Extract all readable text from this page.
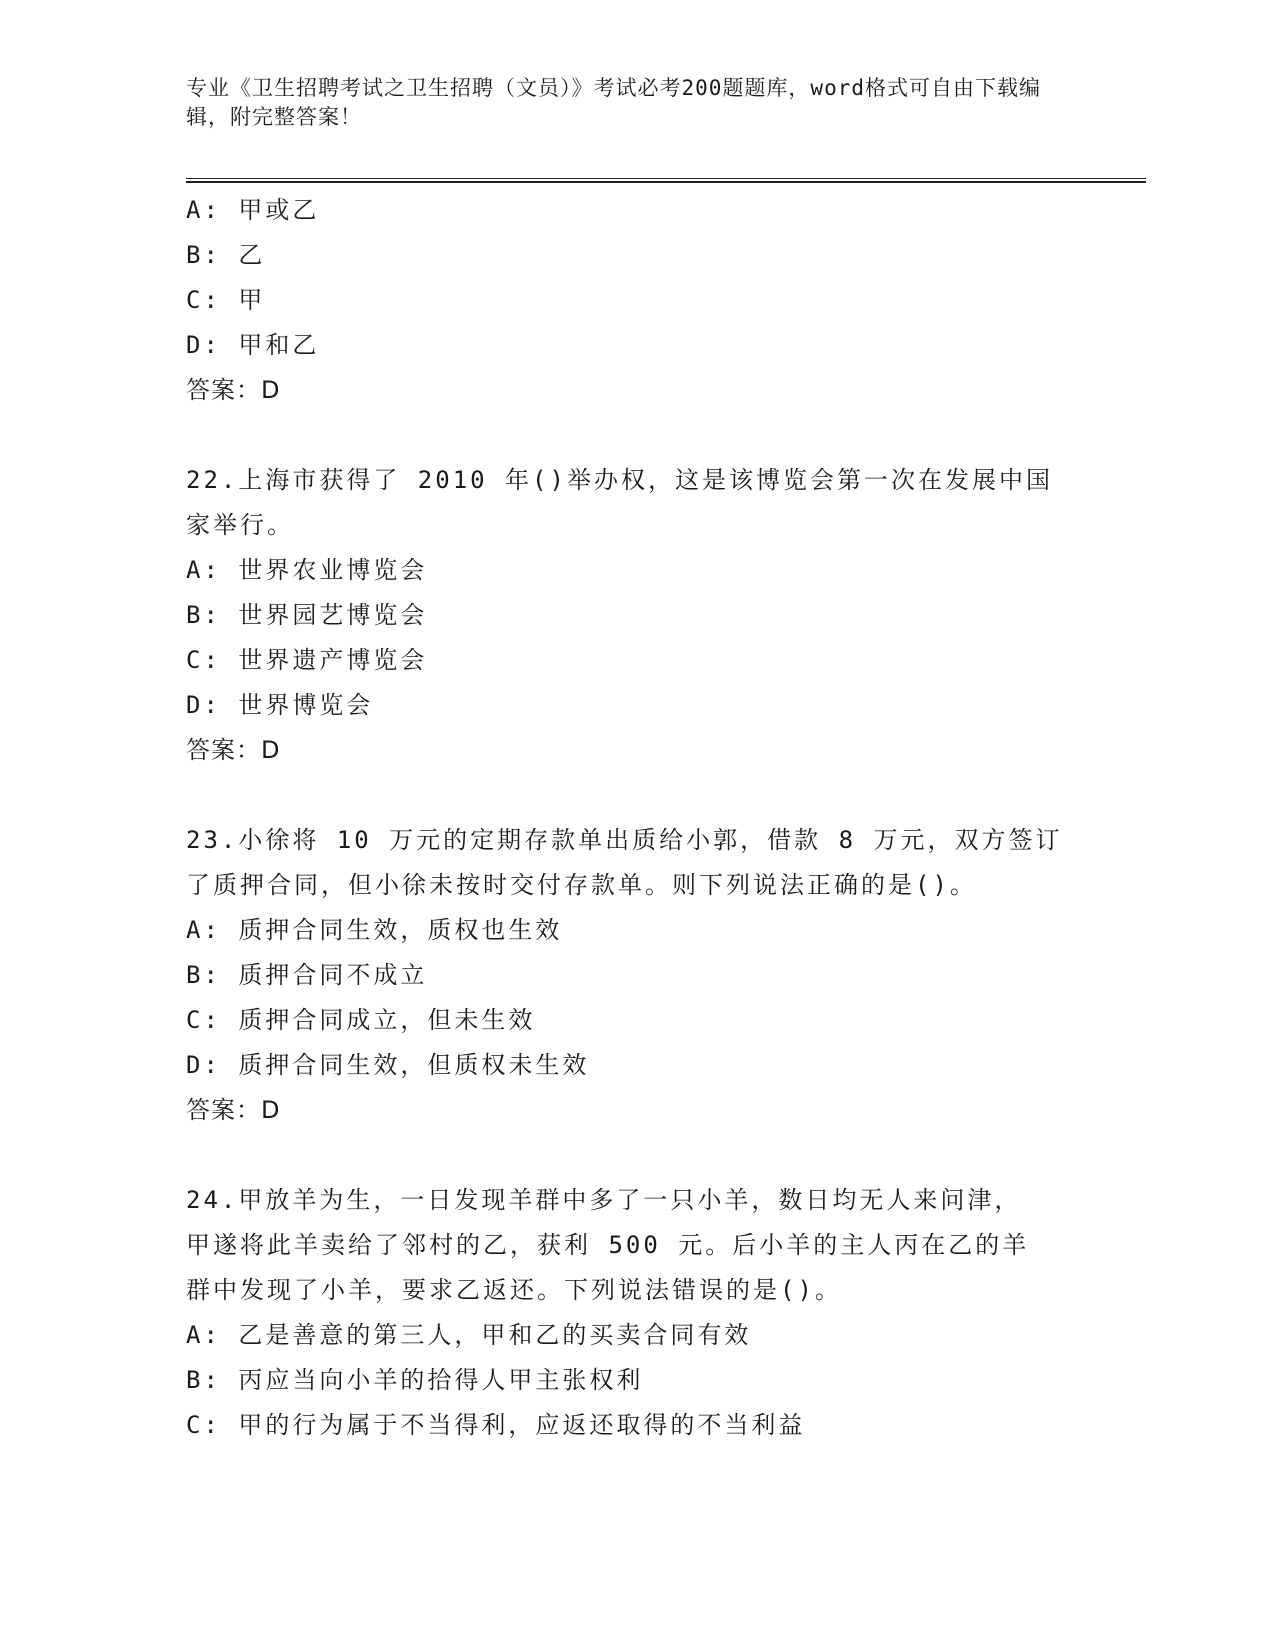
专业《卫生招聘考试之卫生招聘（文员）》考试必考200题题库，word格式可自由下载编辑，附完整答案！
A: 甲或乙
B: 乙
C: 甲
D: 甲和乙
答案：D
22.上海市获得了 2010 年()举办权，这是该博览会第一次在发展中国
家举行。
A: 世界农业博览会
B: 世界园艺博览会
C: 世界遗产博览会
D: 世界博览会
答案：D
23.小徐将 10 万元的定期存款单出质给小郭，借款 8 万元，双方签订
了质押合同，但小徐未按时交付存款单。则下列说法正确的是()。
A: 质押合同生效，质权也生效
B: 质押合同不成立
C: 质押合同成立，但未生效
D: 质押合同生效，但质权未生效
答案：D
24.甲放羊为生，一日发现羊群中多了一只小羊，数日均无人来问津，
甲遂将此羊卖给了邻村的乙，获利 500 元。后小羊的主人丙在乙的羊
群中发现了小羊，要求乙返还。下列说法错误的是()。
A: 乙是善意的第三人，甲和乙的买卖合同有效
B: 丙应当向小羊的拾得人甲主张权利
C: 甲的行为属于不当得利，应返还取得的不当利益
